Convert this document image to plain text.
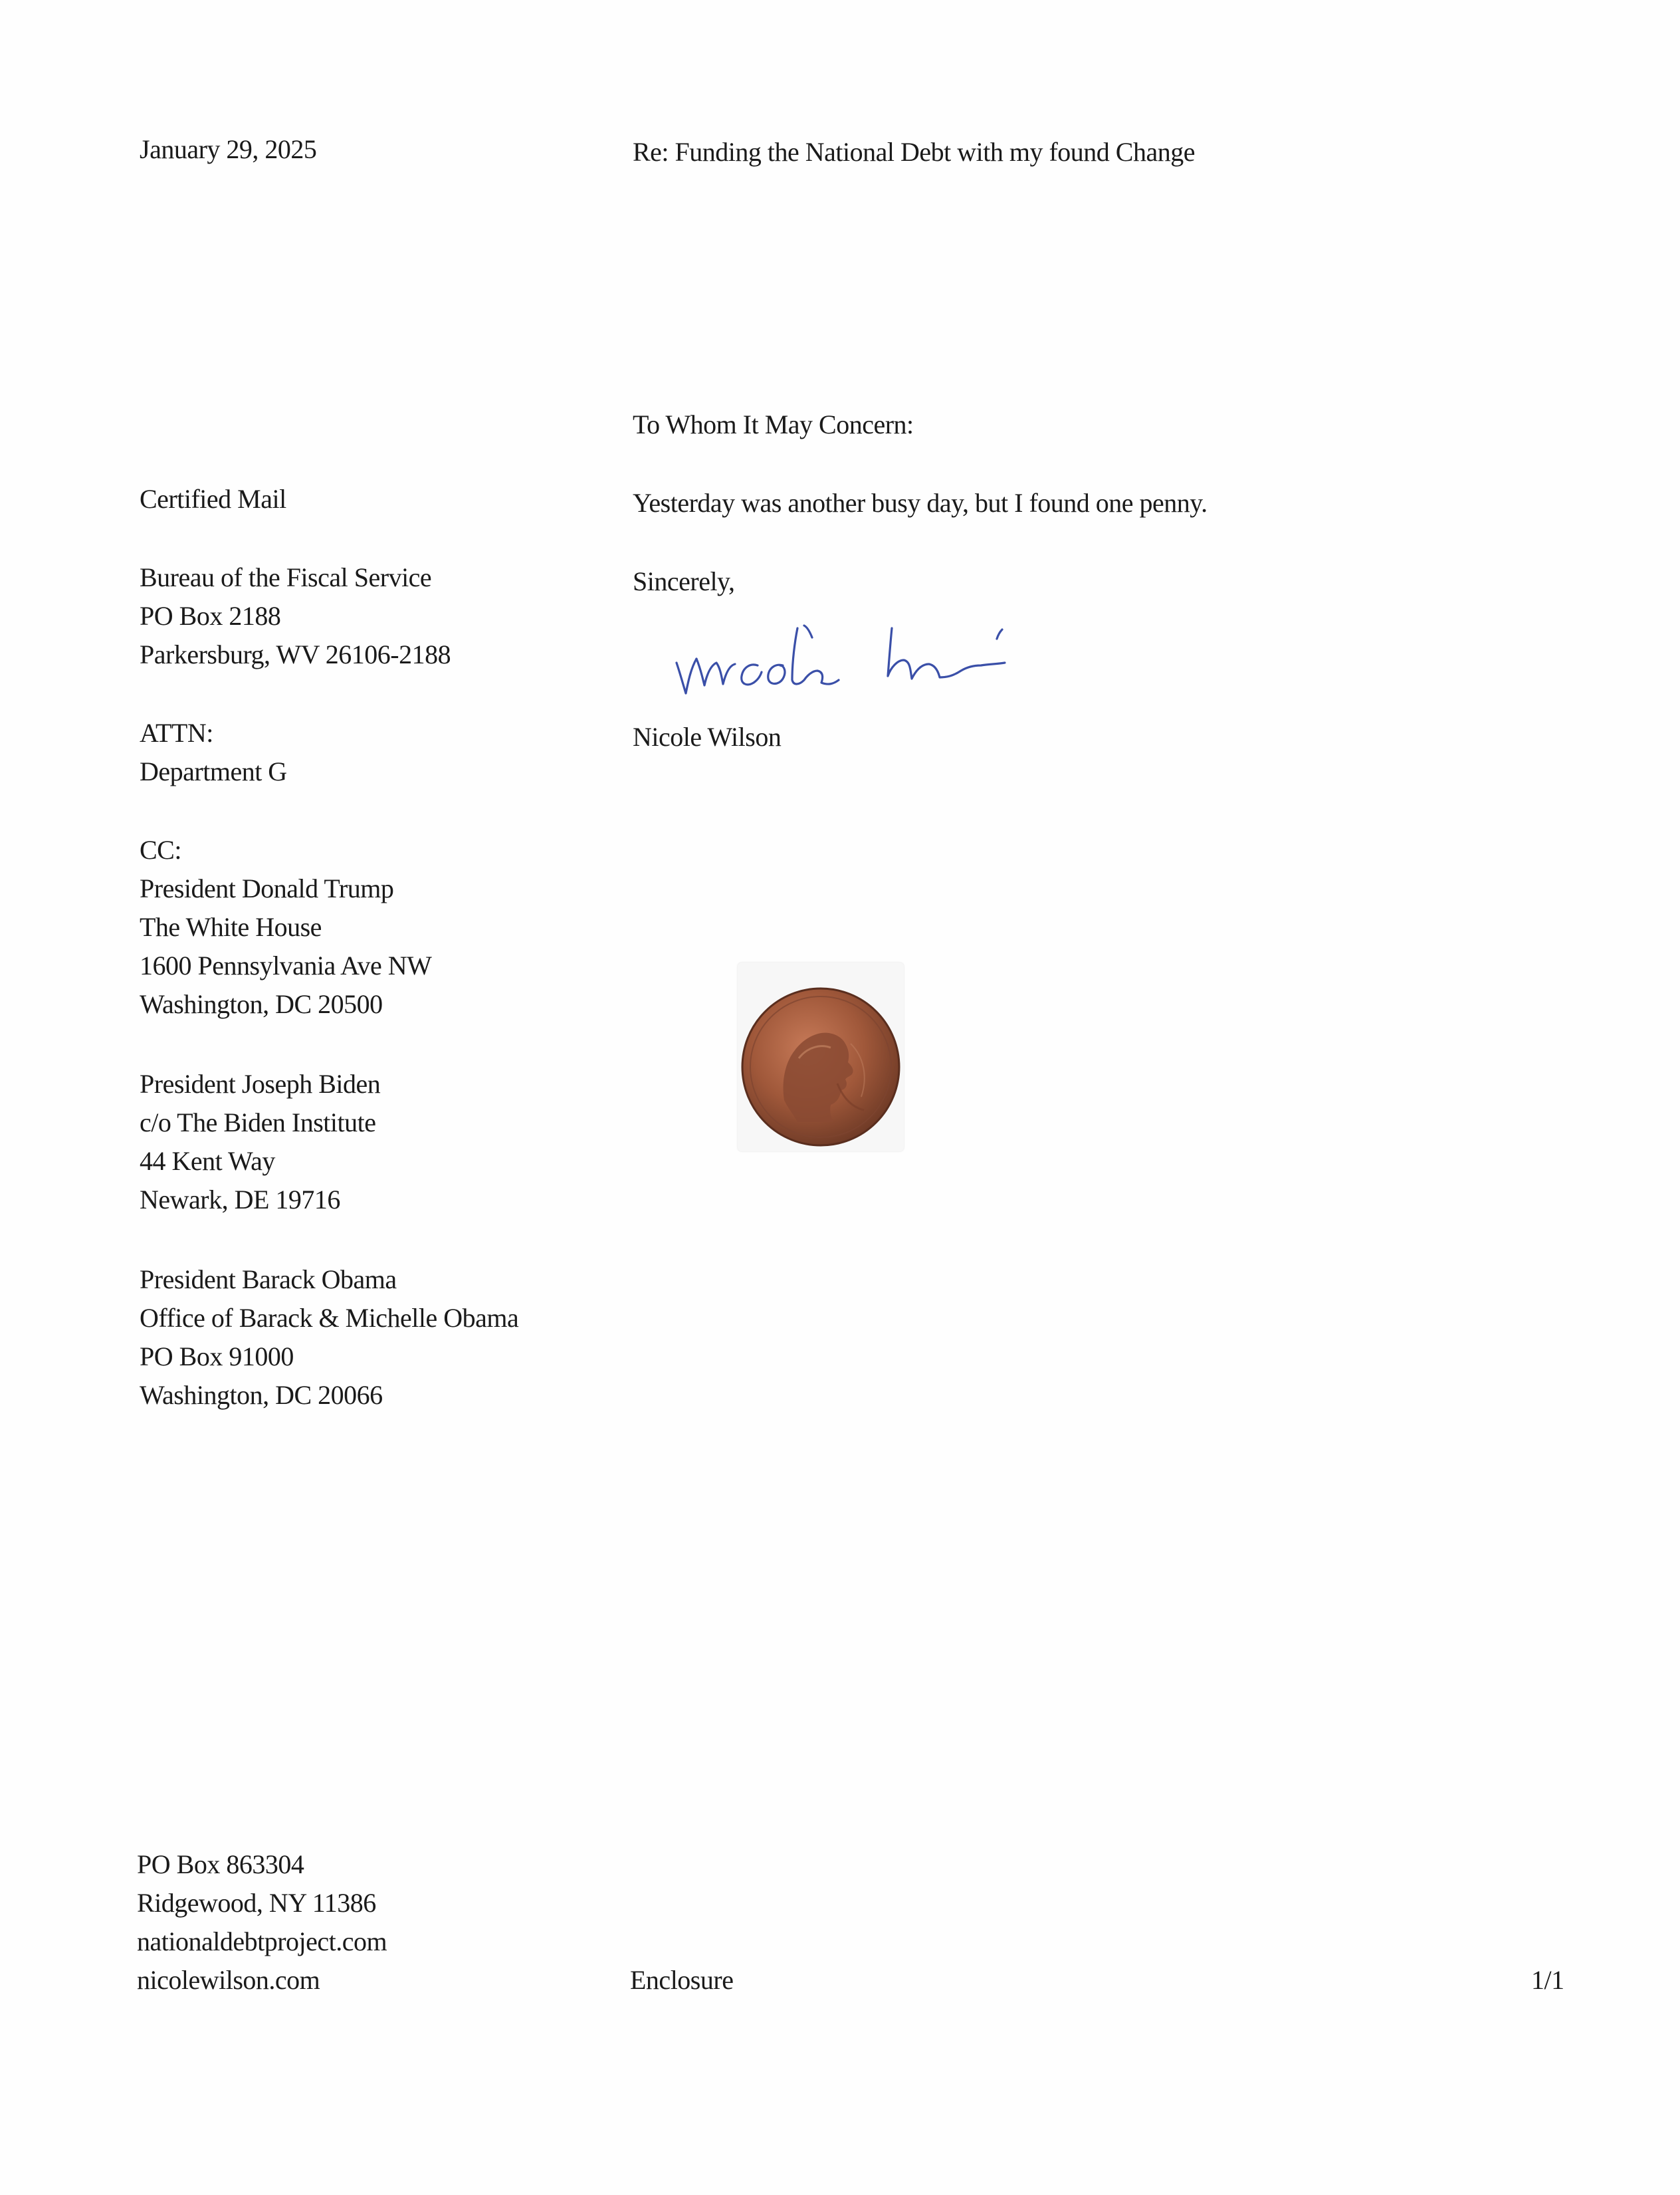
January 29, 2025	Re: Funding the National Debt with my found Change
To Whom It May Concern:
Yesterday was another busy day, but I found one penny.
Sincerely,
Nicole Wilson
Certified Mail
Bureau of the Fiscal Service
PO Box 2188
Parkersburg, WV 26106-2188
ATTN:
Department G
CC:
President Donald Trump
The White House
1600 Pennsylvania Ave NW
Washington, DC 20500
President Joseph Biden
c/o The Biden Institute
44 Kent Way
Newark, DE 19716
President Barack Obama
Office of Barack & Michelle Obama
PO Box 91000
Washington, DC 20066
PO Box 863304
Ridgewood, NY 11386
nationaldebtproject.com
nicolewilson.com	Enclosure	1/1
